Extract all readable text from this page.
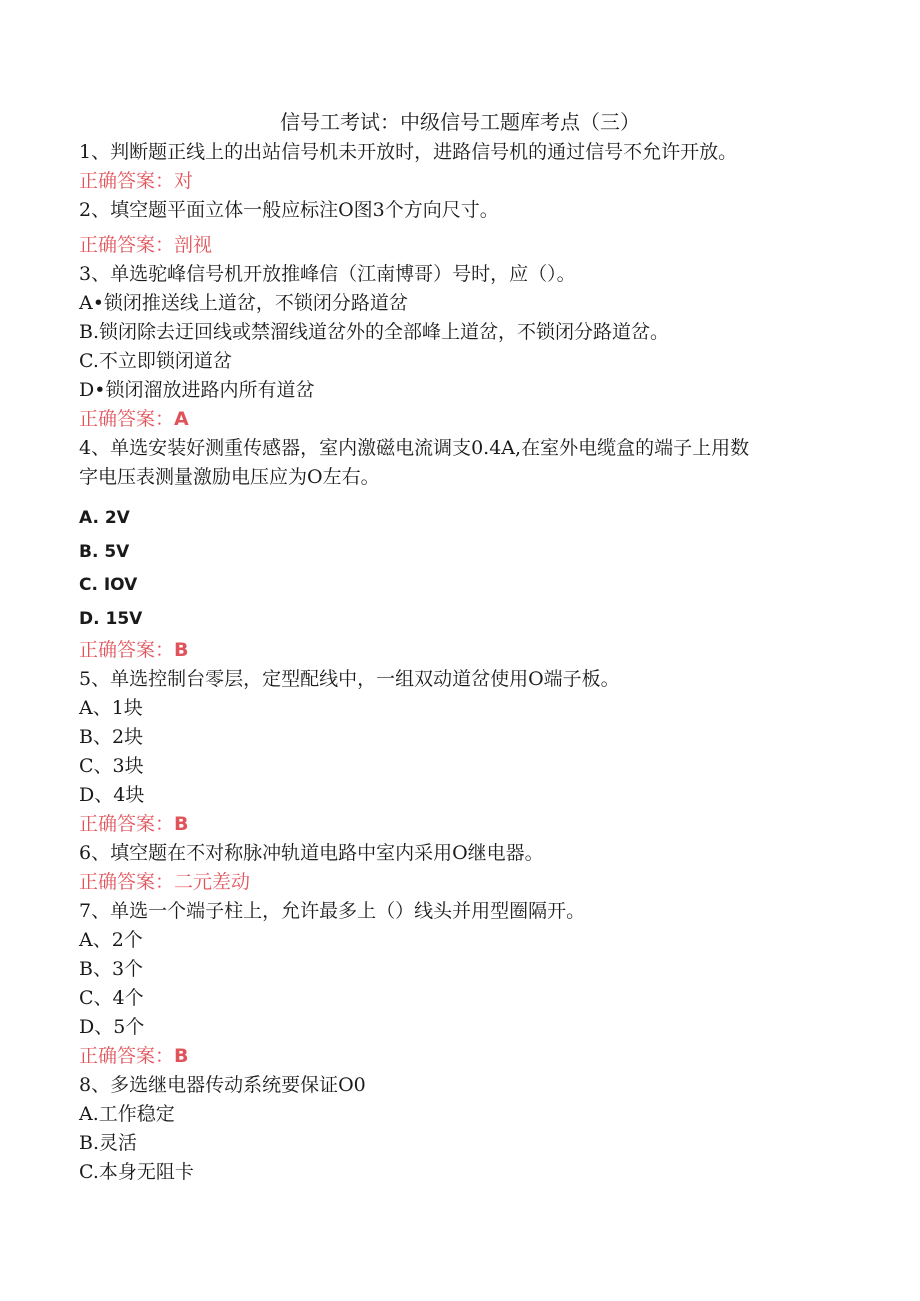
信号工考试：中级信号工题库考点（三）
1、判断题正线上的出站信号机未开放时，进路信号机的通过信号不允许开放。
正确答案：对
2、填空题平面立体一般应标注O图3个方向尺寸。
正确答案：剖视
3、单选驼峰信号机开放推峰信（江南博哥）号时，应（）。
A•锁闭推送线上道岔，不锁闭分路道岔
B.锁闭除去迂回线或禁溜线道岔外的全部峰上道岔，不锁闭分路道岔。
C.不立即锁闭道岔
D•锁闭溜放进路内所有道岔
正确答案：A
4、单选安装好测重传感器，室内激磁电流调支0.4A,在室外电缆盒的端子上用数
字电压表测量激励电压应为O左右。
A. 2V
B. 5V
C. IOV
D. 15V
正确答案：B
5、单选控制台零层，定型配线中，一组双动道岔使用O端子板。
A、1块
B、2块
C、3块
D、4块
正确答案：B
6、填空题在不对称脉冲轨道电路中室内采用O继电器。
正确答案：二元差动
7、单选一个端子柱上，允许最多上（）线头并用型圈隔开。
A、2个
B、3个
C、4个
D、5个
正确答案：B
8、多选继电器传动系统要保证O0
A.工作稳定
B.灵活
C.本身无阻卡
